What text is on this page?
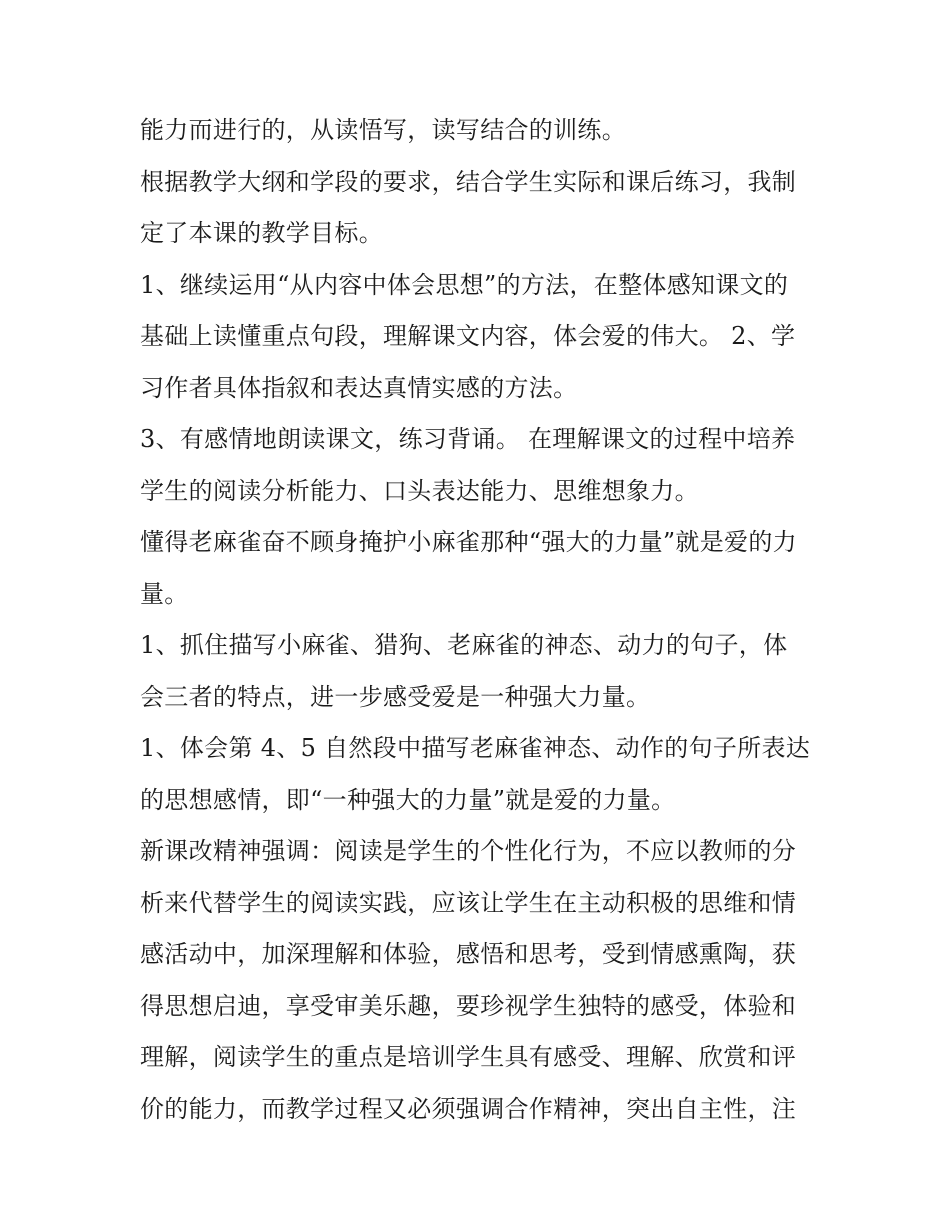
能力而进行的，从读悟写，读写结合的训练。
根据教学大纲和学段的要求，结合学生实际和课后练习，我制
定了本课的教学目标。
1、继续运用“从内容中体会思想”的方法，在整体感知课文的
基础上读懂重点句段，理解课文内容，体会爱的伟大。 2、学
习作者具体指叙和表达真情实感的方法。
3、有感情地朗读课文，练习背诵。 在理解课文的过程中培养
学生的阅读分析能力、口头表达能力、思维想象力。
懂得老麻雀奋不顾身掩护小麻雀那种“强大的力量”就是爱的力
量。
1、抓住描写小麻雀、猎狗、老麻雀的神态、动力的句子，体
会三者的特点，进一步感受爱是一种强大力量。
1、体会第 4、5 自然段中描写老麻雀神态、动作的句子所表达
的思想感情，即“一种强大的力量”就是爱的力量。
新课改精神强调：阅读是学生的个性化行为，不应以教师的分
析来代替学生的阅读实践，应该让学生在主动积极的思维和情
感活动中，加深理解和体验，感悟和思考，受到情感熏陶，获
得思想启迪，享受审美乐趣，要珍视学生独特的感受，体验和
理解，阅读学生的重点是培训学生具有感受、理解、欣赏和评
价的能力，而教学过程又必须强调合作精神，突出自主性，注
